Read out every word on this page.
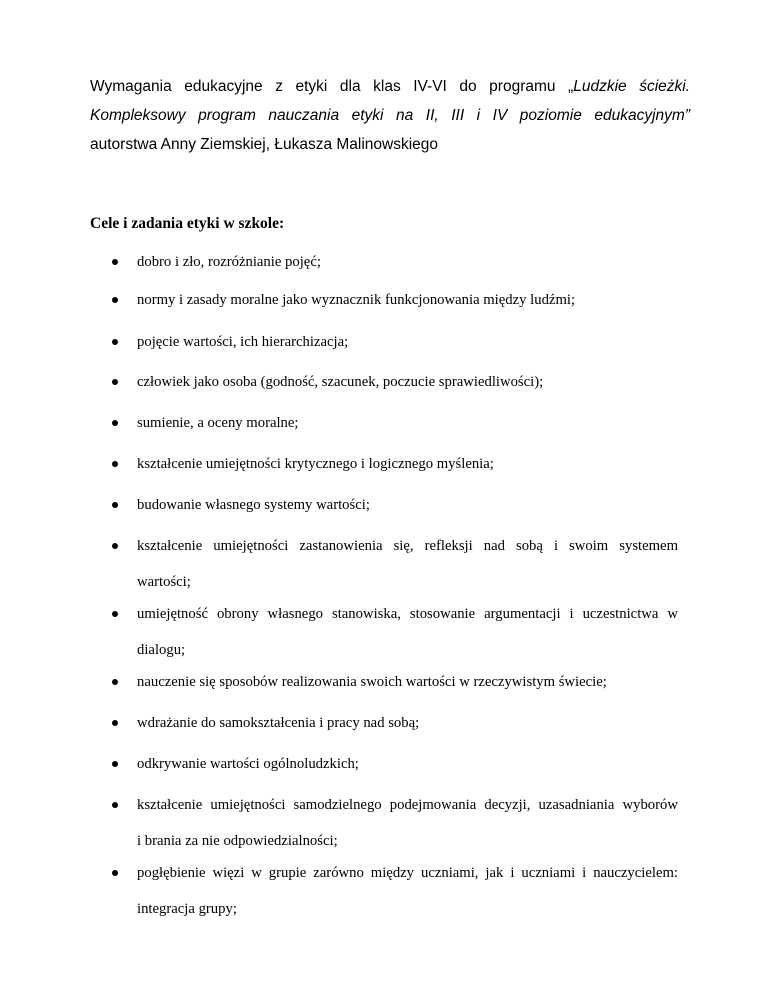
Wymagania edukacyjne z etyki dla klas IV-VI do programu „Ludzkie ścieżki.
Kompleksowy program nauczania etyki na II, III i IV poziomie edukacyjnym”
autorstwa Anny Ziemskiej, Łukasza Malinowskiego
Cele i zadania etyki w szkole:
dobro i zło, rozróżnianie pojęć;
normy i zasady moralne jako wyznacznik funkcjonowania między ludźmi;
pojęcie wartości, ich hierarchizacja;
człowiek jako osoba (godność, szacunek, poczucie sprawiedliwości);
sumienie, a oceny moralne;
kształcenie umiejętności krytycznego i logicznego myślenia;
budowanie własnego systemy wartości;
kształcenie umiejętności zastanowienia się, refleksji nad sobą i swoim systemem
wartości;
umiejętność obrony własnego stanowiska, stosowanie argumentacji i uczestnictwa w
dialogu;
nauczenie się sposobów realizowania swoich wartości w rzeczywistym świecie;
wdrażanie do samokształcenia i pracy nad sobą;
odkrywanie wartości ogólnoludzkich;
kształcenie umiejętności samodzielnego podejmowania decyzji, uzasadniania wyborów
i brania za nie odpowiedzialności;
pogłębienie więzi w grupie zarówno między uczniami, jak i uczniami i nauczycielem:
integracja grupy;
